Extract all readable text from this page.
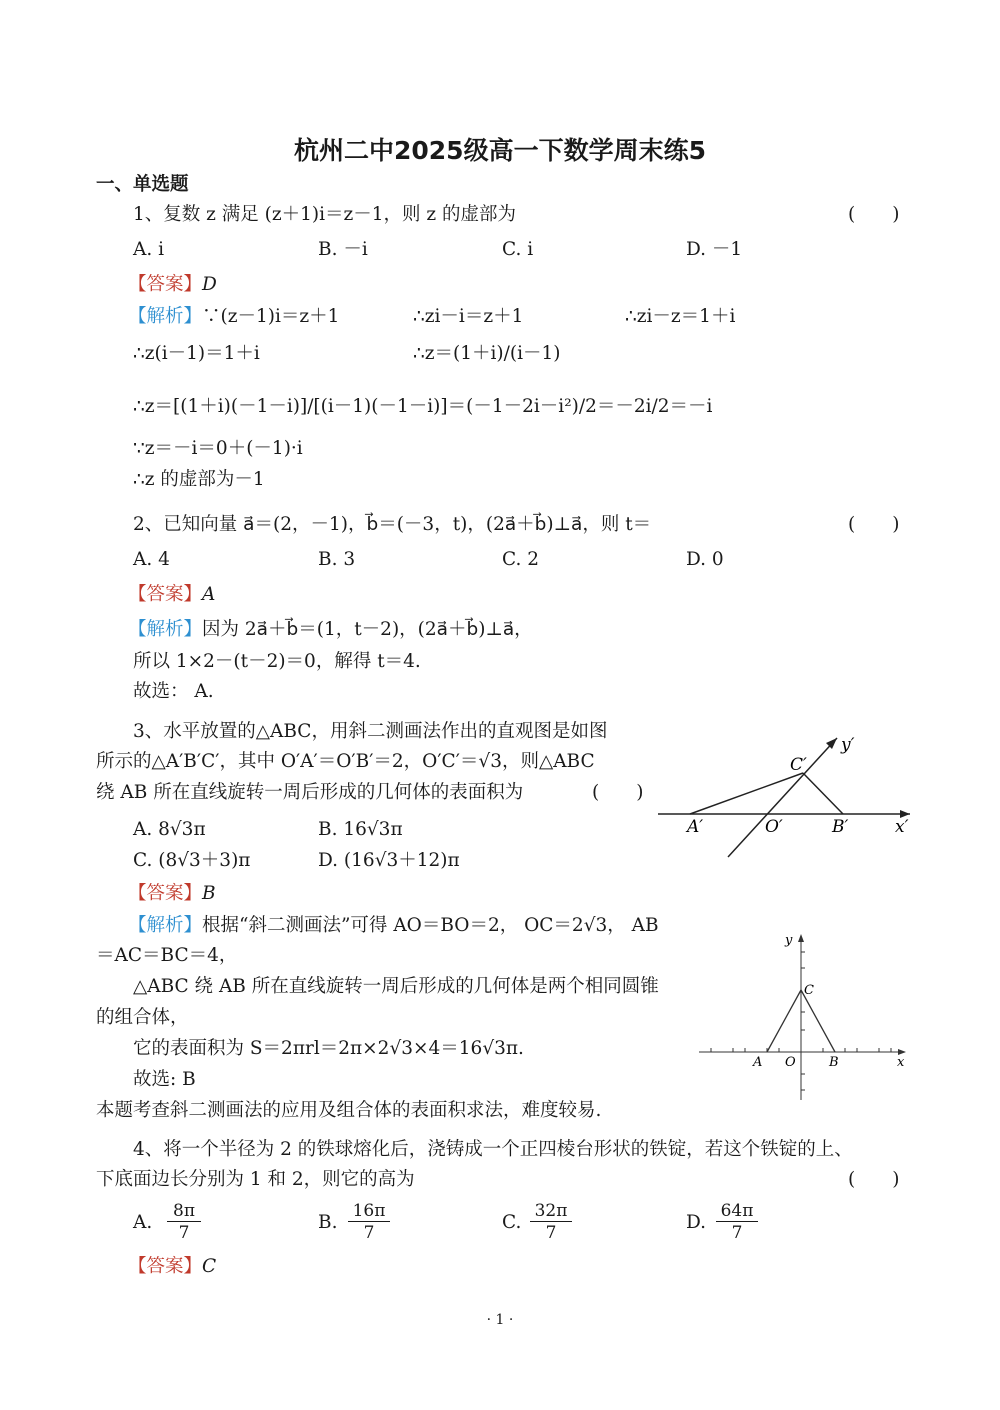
杭州二中2025级高一下数学周末练5
一、单选题
1、复数 z 满足 (z＋1)i＝z－1，则 z 的虚部为	(　　)
A. i	B. －i	C. i	D. －1
【答案】D
【解析】∵(z－1)i＝z＋1	∴zi－i＝z＋1	∴zi－z＝1＋i
∴z(i－1)＝1＋i	∴z＝(1＋i)/(i－1)
∴z＝[(1＋i)(－1－i)]/[(i－1)(－1－i)]＝(－1－2i－i²)/2＝－2i/2＝－i
∵z＝－i＝0＋(－1)·i
∴z 的虚部为－1
2、已知向量 a⃗＝(2，－1)，b⃗＝(－3，t)，(2a⃗＋b⃗)⊥a⃗，则 t＝	(　　)
A. 4	B. 3	C. 2	D. 0
【答案】A
【解析】因为 2a⃗＋b⃗＝(1，t－2)，(2a⃗＋b⃗)⊥a⃗，
所以 1×2－(t－2)＝0，解得 t＝4.
故选： A.
3、水平放置的△ABC，用斜二测画法作出的直观图是如图
所示的△A′B′C′，其中 O′A′＝O′B′＝2，O′C′＝√3，则△ABC
绕 AB 所在直线旋转一周后形成的几何体的表面积为	(　　)
A. 8√3π	B. 16√3π
C. (8√3＋3)π	D. (16√3＋12)π
【答案】B
【解析】根据“斜二测画法”可得 AO＝BO＝2， OC＝2√3， AB
＝AC＝BC＝4，
△ABC 绕 AB 所在直线旋转一周后形成的几何体是两个相同圆锥
的组合体，
它的表面积为 S＝2πrl＝2π×2√3×4＝16√3π.
故选: B
本题考查斜二测画法的应用及组合体的表面积求法，难度较易.
A′	O′	B′
C′
x′
y′
A O	B
C
x
y
4、将一个半径为 2 的铁球熔化后，浇铸成一个正四棱台形状的铁锭，若这个铁锭的上、
下底面边长分别为 1 和 2，则它的高为	(　　)
A.
8π
7	B.
16π
7	C.
32π
7	D.
64π
7
【答案】C
· 1 ·
